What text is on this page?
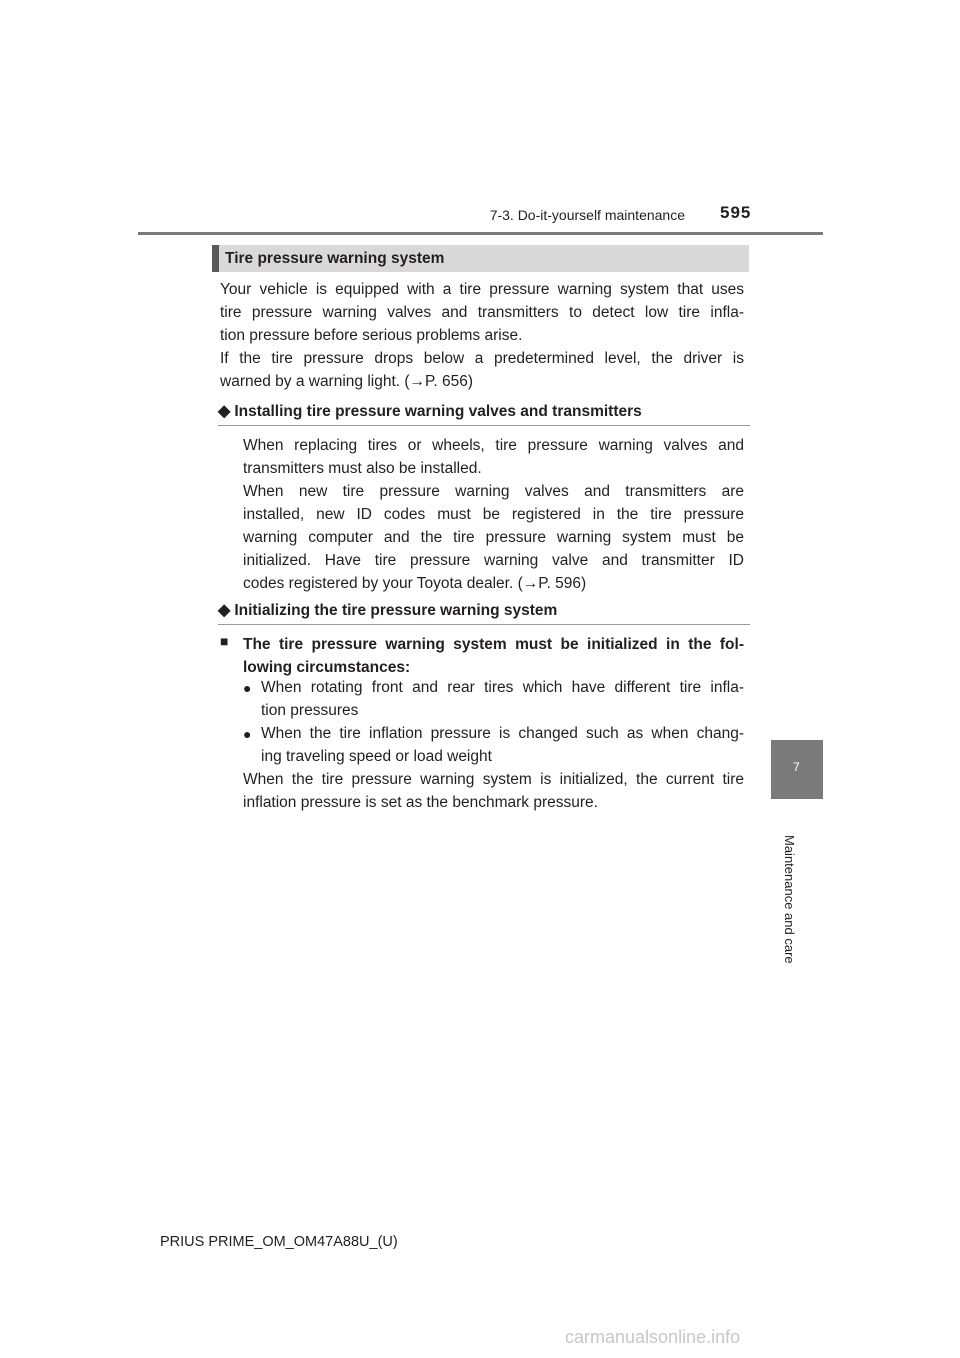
7-3. Do-it-yourself maintenance 595
Tire pressure warning system
Your vehicle is equipped with a tire pressure warning system that uses
tire pressure warning valves and transmitters to detect low tire infla-
tion pressure before serious problems arise.
If the tire pressure drops below a predetermined level, the driver is
warned by a warning light. (→P. 656)
◆ Installing tire pressure warning valves and transmitters
When replacing tires or wheels, tire pressure warning valves and
transmitters must also be installed.
When new tire pressure warning valves and transmitters are
installed, new ID codes must be registered in the tire pressure
warning computer and the tire pressure warning system must be
initialized. Have tire pressure warning valve and transmitter ID
codes registered by your Toyota dealer. (→P. 596)
◆ Initializing the tire pressure warning system
■ The tire pressure warning system must be initialized in the fol-
lowing circumstances:
● When rotating front and rear tires which have different tire infla-
tion pressures
● When the tire inflation pressure is changed such as when chang-
ing traveling speed or load weight
When the tire pressure warning system is initialized, the current tire
inflation pressure is set as the benchmark pressure.
7
Maintenance and care
PRIUS PRIME_OM_OM47A88U_(U)
carmanualsonline.info
